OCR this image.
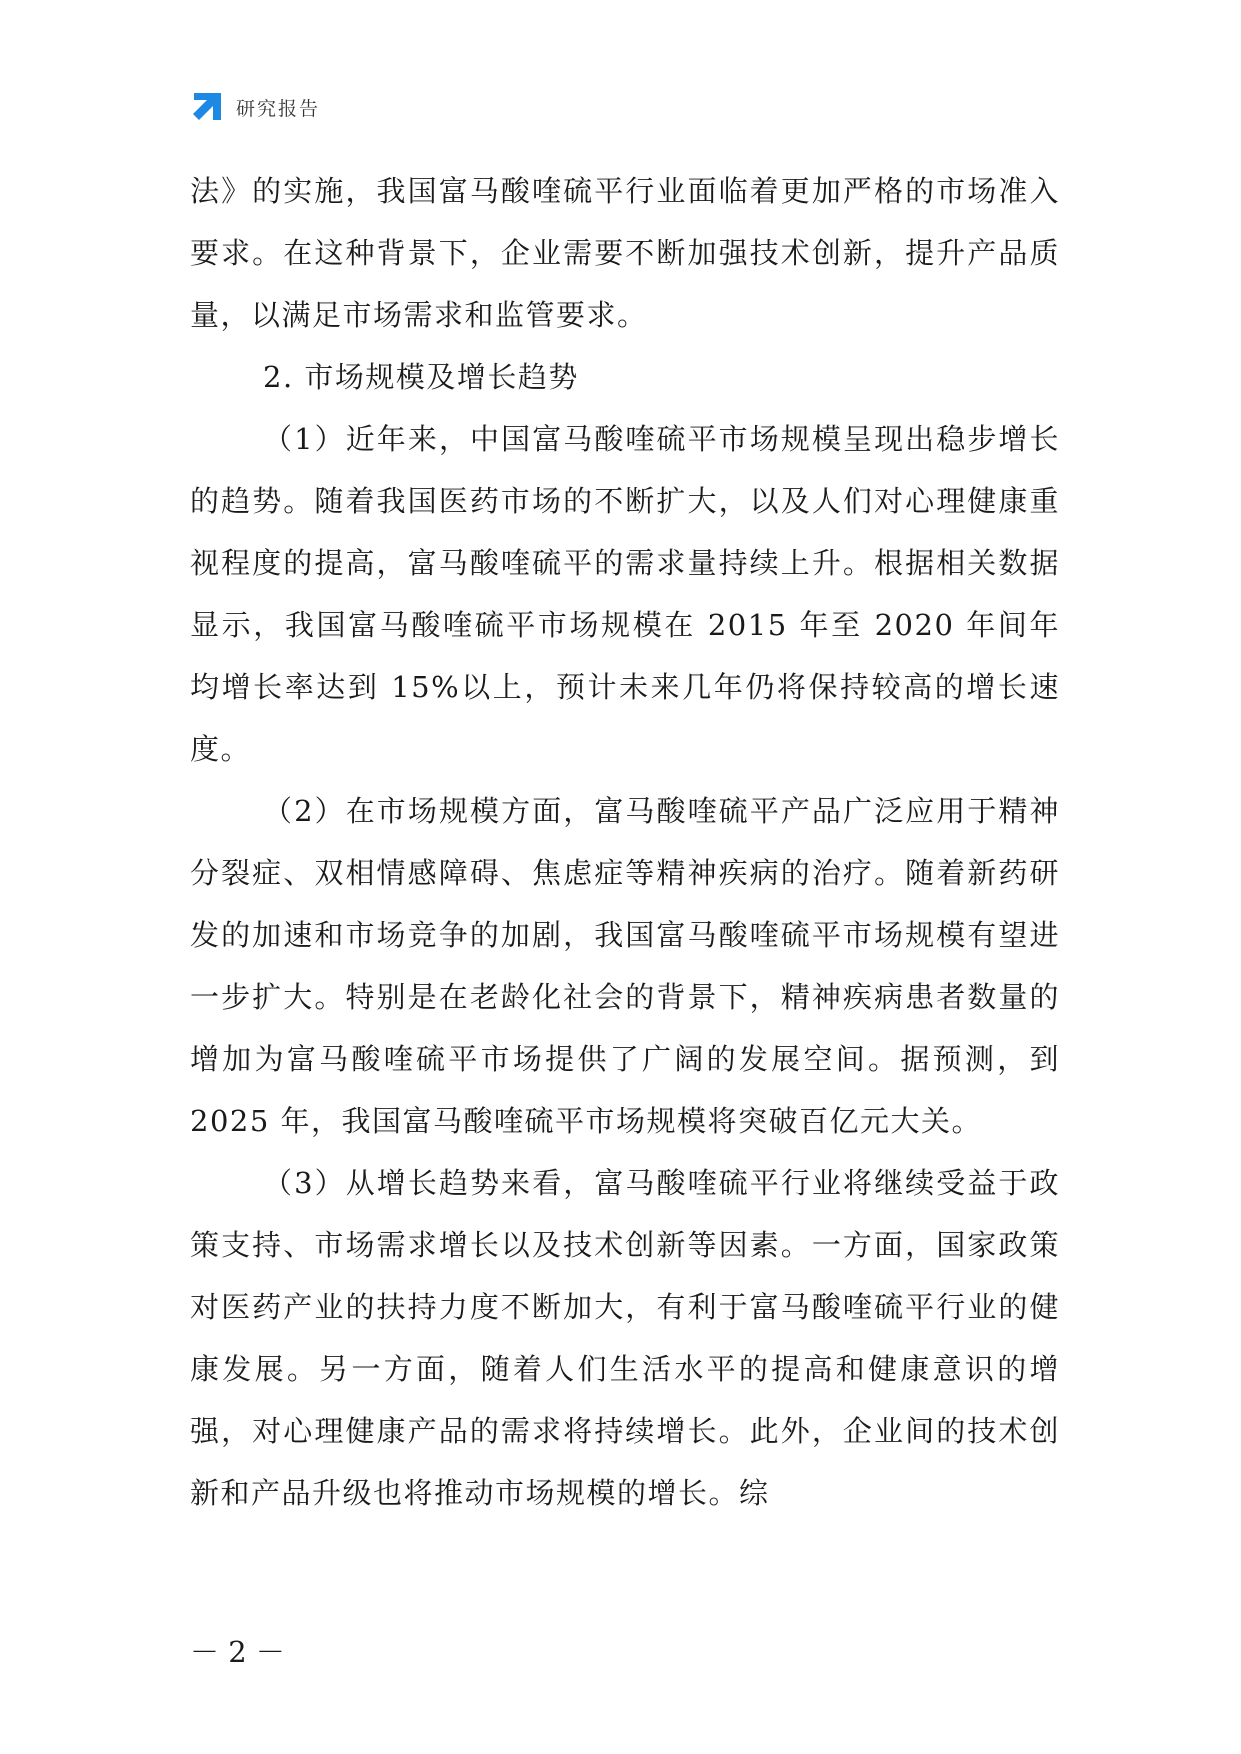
研究报告

法》的实施，我国富马酸喹硫平行业面临着更加严格的市场准入要求。在这种背景下，企业需要不断加强技术创新，提升产品质量，以满足市场需求和监管要求。

2. 市场规模及增长趋势

（1）近年来，中国富马酸喹硫平市场规模呈现出稳步增长的趋势。随着我国医药市场的不断扩大，以及人们对心理健康重视程度的提高，富马酸喹硫平的需求量持续上升。根据相关数据显示，我国富马酸喹硫平市场规模在 2015 年至 2020 年间年均增长率达到 15%以上，预计未来几年仍将保持较高的增长速度。

（2）在市场规模方面，富马酸喹硫平产品广泛应用于精神分裂症、双相情感障碍、焦虑症等精神疾病的治疗。随着新药研发的加速和市场竞争的加剧，我国富马酸喹硫平市场规模有望进一步扩大。特别是在老龄化社会的背景下，精神疾病患者数量的增加为富马酸喹硫平市场提供了广阔的发展空间。据预测，到 2025 年，我国富马酸喹硫平市场规模将突破百亿元大关。

（3）从增长趋势来看，富马酸喹硫平行业将继续受益于政策支持、市场需求增长以及技术创新等因素。一方面，国家政策对医药产业的扶持力度不断加大，有利于富马酸喹硫平行业的健康发展。另一方面，随着人们生活水平的提高和健康意识的增强，对心理健康产品的需求将持续增长。此外，企业间的技术创新和产品升级也将推动市场规模的增长。综

－ 2 －
